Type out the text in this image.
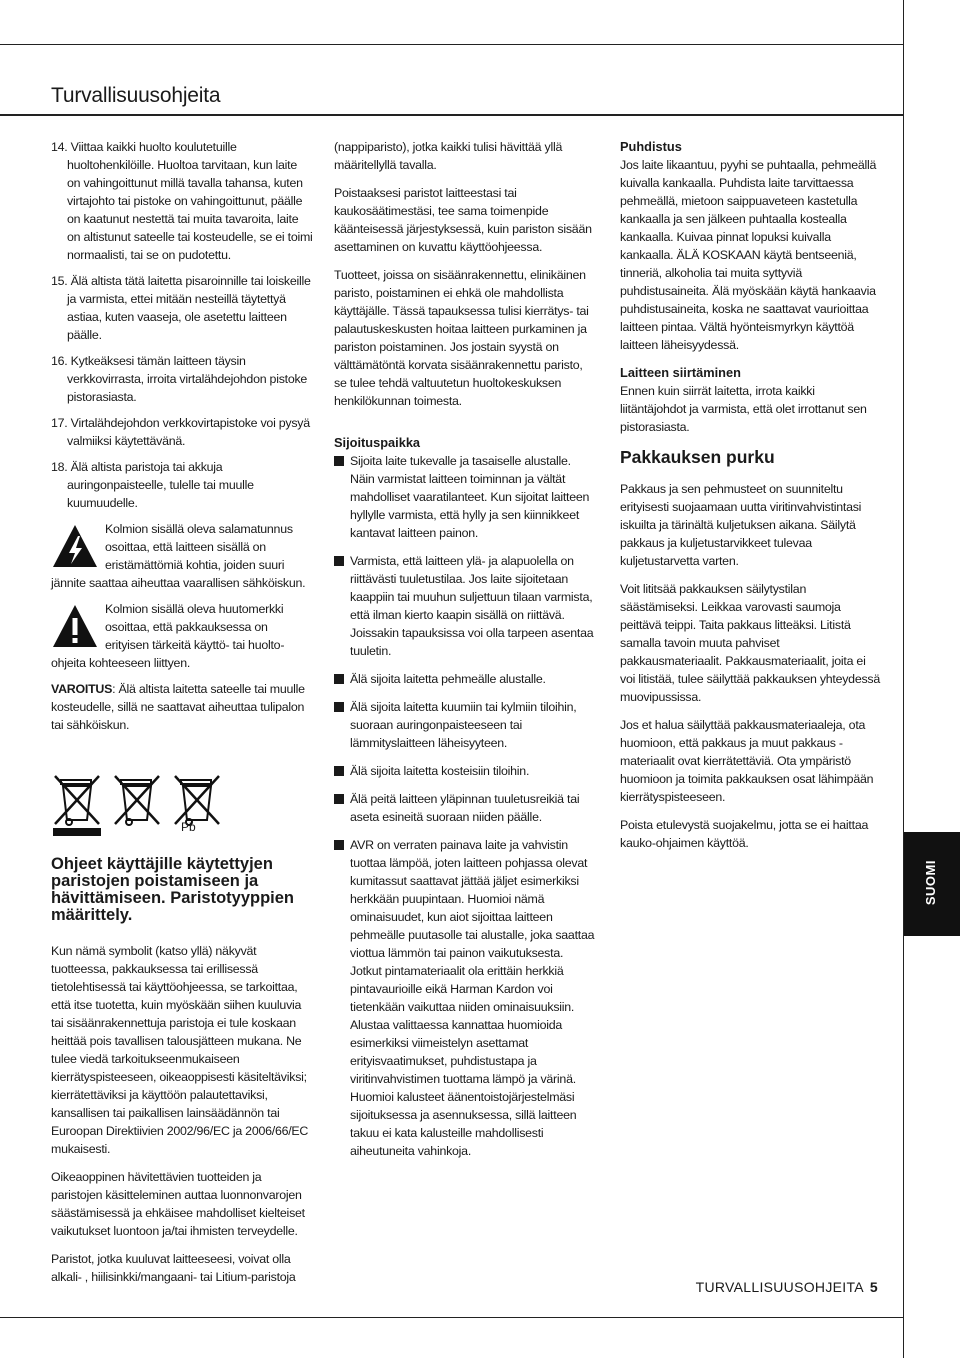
Turvallisuusohjeita

14. Viittaa kaikki huolto koulutetuille huoltohenkilöille. Huoltoa tarvitaan, kun laite on vahingoittunut millä tavalla tahansa, kuten virtajohto tai pistoke on vahingoittunut, päälle on kaatunut nestettä tai muita tavaroita, laite on altistunut sateelle tai kosteudelle, se ei toimi normaalisti, tai se on pudotettu.

15. Älä altista tätä laitetta pisaroinnille tai loiskeille ja varmista, ettei mitään nesteillä täytettyä astiaa, kuten vaaseja, ole asetettu laitteen päälle.

16. Kytkeäksesi tämän laitteen täysin verkkovirrasta, irroita virtalähdejohdon pistoke pistorasiasta.

17. Virtalähdejohdon verkkovirtapistoke voi pysyä valmiiksi käytettävänä.

18. Älä altista paristoja tai akkuja auringonpaisteelle, tulelle tai muulle kuumuudelle.

Kolmion sisällä oleva salamatunnus osoittaa, että laitteen sisällä on eristämättömiä kohtia, joiden suuri jännite saattaa aiheuttaa vaarallisen sähköiskun.

Kolmion sisällä oleva huutomerkki osoittaa, että pakkauksessa on erityisen tärkeitä käyttö- tai huolto-ohjeita kohteeseen liittyen.

VAROITUS: Älä altista laitetta sateelle tai muulle kosteudelle, sillä ne saattavat aiheuttaa tulipalon tai sähköiskun.

Pb
Ohjeet käyttäjille käytettyjen paristojen poistamiseen ja hävittämiseen. Paristotyyppien määrittely.

Kun nämä symbolit (katso yllä) näkyvät tuotteessa, pakkauksessa tai erillisessä tietolehtisessä tai käyttöohjeessa, se tarkoittaa, että itse tuotetta, kuin myöskään siihen kuuluvia tai sisäänrakennettuja paristoja ei tule koskaan heittää pois tavallisen talousjätteen mukana. Ne tulee viedä tarkoitukseenmukaiseen kierrätyspisteeseen, oikeaoppisesti käsiteltäviksi; kierrätettäviksi ja käyttöön palautettaviksi, kansallisen tai paikallisen lainsäädännön tai Euroopan Direktiivien 2002/96/EC ja 2006/66/EC mukaisesti.

Oikeaoppinen hävitettävien tuotteiden ja paristojen käsitteleminen auttaa luonnonvarojen säästämisessä ja ehkäisee mahdolliset kielteiset vaikutukset luontoon ja/tai ihmisten terveydelle.

Paristot, jotka kuuluvat laitteeseesi, voivat olla alkali- , hiilisinkki/mangaani- tai Litium-paristoja

(nappiparisto), jotka kaikki tulisi hävittää yllä määritellyllä tavalla.

Poistaaksesi paristot laitteestasi tai kaukosäätimestäsi, tee sama toimenpide käänteisessä järjestyksessä, kuin pariston sisään asettaminen on kuvattu käyttöohjeessa.

Tuotteet, joissa on sisäänrakennettu, elinikäinen paristo, poistaminen ei ehkä ole mahdollista käyttäjälle. Tässä tapauksessa tulisi kierrätys- tai palautuskeskusten hoitaa laitteen purkaminen ja pariston poistaminen. Jos jostain syystä on välttämätöntä korvata sisäänrakennettu paristo, se tulee tehdä valtuutetun huoltokeskuksen henkilökunnan toimesta.

Sijoituspaikka
Sijoita laite tukevalle ja tasaiselle alustalle. Näin varmistat laitteen toiminnan ja vältät mahdolliset vaaratilanteet. Kun sijoitat laitteen hyllylle varmista, että hylly ja sen kiinnikkeet kantavat laitteen painon.
Varmista, että laitteen ylä- ja alapuolella on riittävästi tuuletustilaa. Jos laite sijoitetaan kaappiin tai muuhun suljettuun tilaan varmista, että ilman kierto kaapin sisällä on riittävä. Joissakin tapauksissa voi olla tarpeen asentaa tuuletin.
Älä sijoita laitetta pehmeälle alustalle.
Älä sijoita laitetta kuumiin tai kylmiin tiloihin, suoraan auringonpaisteeseen tai lämmityslaitteen läheisyyteen.
Älä sijoita laitetta kosteisiin tiloihin.
Älä peitä laitteen yläpinnan tuuletusreikiä tai aseta esineitä suoraan niiden päälle.
AVR on verraten painava laite ja vahvistin tuottaa lämpöä, joten laitteen pohjassa olevat kumitassut saattavat jättää jäljet esimerkiksi herkkään puupintaan. Huomioi nämä ominaisuudet, kun aiot sijoittaa laitteen pehmeälle puutasolle tai alustalle, joka saattaa viottua lämmön tai painon vaikutuksesta. Jotkut pintamateriaalit ola erittäin herkkiä pintavaurioille eikä Harman Kardon voi tietenkään vaikuttaa niiden ominaisuuksiin. Alustaa valittaessa kannattaa huomioida esimerkiksi viimeistelyn asettamat erityisvaatimukset, puhdistustapa ja viritinvahvistimen tuottama lämpö ja värinä. Huomioi kalusteet äänentoistojärjestelmäsi sijoituksessa ja asennuksessa, sillä laitteen takuu ei kata kalusteille mahdollisesti aiheutuneita vahinkoja.
Puhdistus

Jos laite likaantuu, pyyhi se puhtaalla, pehmeällä kuivalla kankaalla. Puhdista laite tarvittaessa pehmeällä, mietoon saippuaveteen kastetulla kankaalla ja sen jälkeen puhtaalla kostealla kankaalla. Kuivaa pinnat lopuksi kuivalla kankaalla. ÄLÄ KOSKAAN käytä bentseeniä, tinneriä, alkoholia tai muita syttyviä puhdistusaineita. Älä myöskään käytä hankaavia puhdistusaineita, koska ne saattavat vaurioittaa laitteen pintaa. Vältä hyönteismyrkyn käyttöä laitteen läheisyydessä.

Laitteen siirtäminen

Ennen kuin siirrät laitetta, irrota kaikki liitäntäjohdot ja varmista, että olet irrottanut sen pistorasiasta.

Pakkauksen purku

Pakkaus ja sen pehmusteet on suunniteltu erityisesti suojaamaan uutta viritinvahvistintasi iskuilta ja tärinältä kuljetuksen aikana. Säilytä pakkaus ja kuljetustarvikkeet tulevaa kuljetustarvetta varten.

Voit lititsää pakkauksen säilytystilan säästämiseksi. Leikkaa varovasti saumoja peittävä teippi. Taita pakkaus litteäksi. Litistä samalla tavoin muuta pahviset pakkausmateriaalit. Pakkausmateriaalit, joita ei voi litistää, tulee säilyttää pakkauksen yhteydessä muovipussissa.

Jos et halua säilyttää pakkausmateriaaleja, ota huomioon, että pakkaus ja muut pakkaus -materiaalit ovat kierrätettäviä. Ota ympäristö huomioon ja toimita pakkauksen osat lähimpään kierrätyspisteeseen.

Poista etulevystä suojakelmu, jotta se ei haittaa kauko-ohjaimen käyttöä.

SUOMI
TURVALLISUUSOHJEITA 5
